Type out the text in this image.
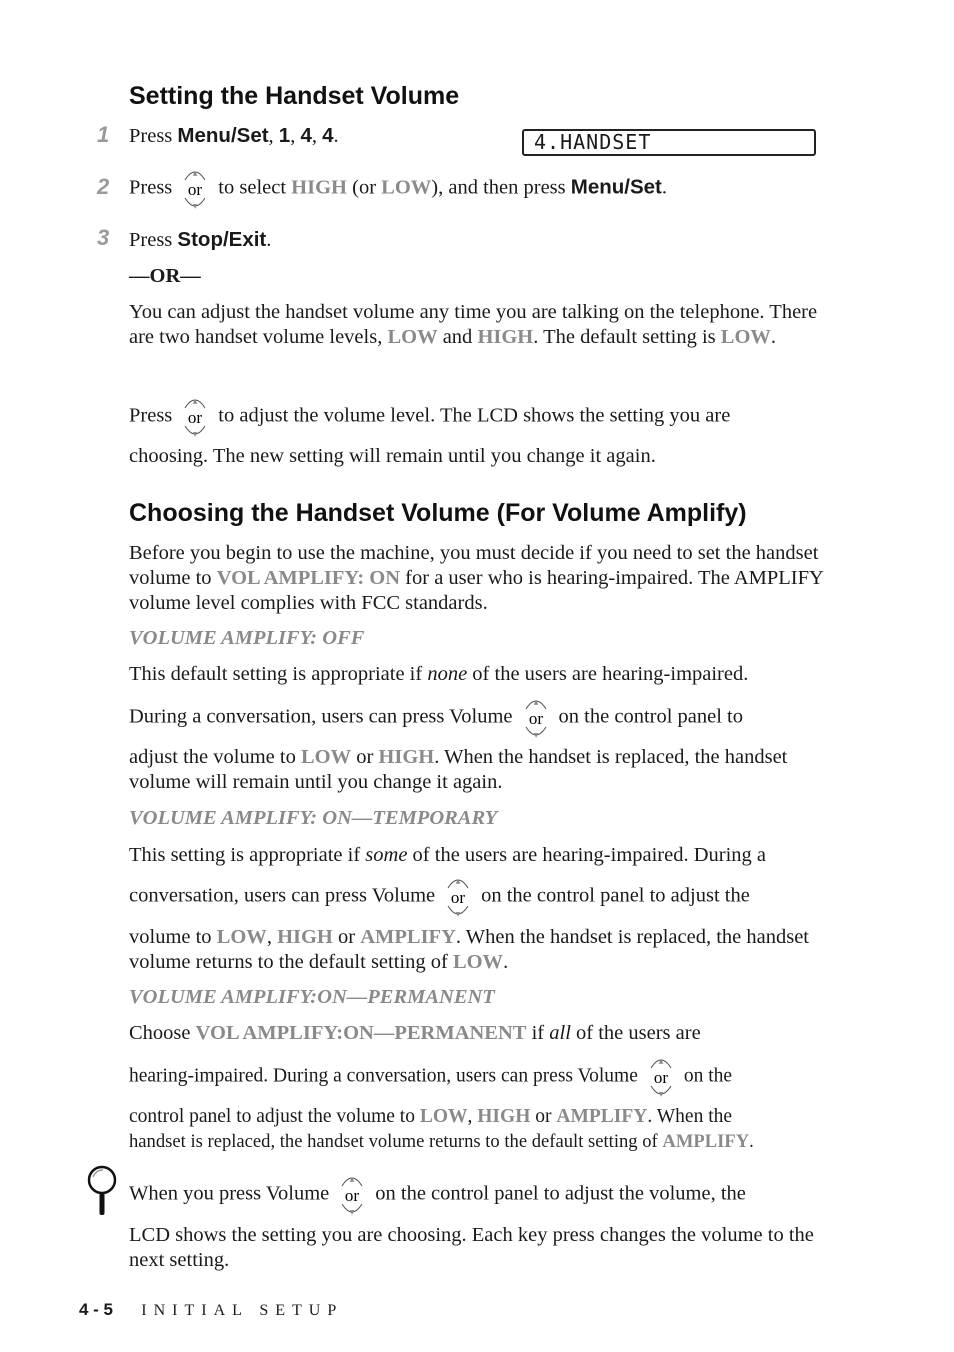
Setting the Handset Volume
1 Press Menu/Set, 1, 4, 4.	4.HANDSET
2 Press or to select HIGH (or LOW), and then press Menu/Set.
3 Press Stop/Exit.
—OR—
You can adjust the handset volume any time you are talking on the telephone. There are two handset volume levels, LOW and HIGH. The default setting is LOW.
Press or to adjust the volume level. The LCD shows the setting you are
choosing. The new setting will remain until you change it again.
Choosing the Handset Volume (For Volume Amplify)
Before you begin to use the machine, you must decide if you need to set the handset volume to VOL AMPLIFY: ON for a user who is hearing-impaired. The AMPLIFY volume level complies with FCC standards.
VOLUME AMPLIFY: OFF
This default setting is appropriate if none of the users are hearing-impaired.
During a conversation, users can press Volume or on the control panel to
adjust the volume to LOW or HIGH. When the handset is replaced, the handset volume will remain until you change it again.
VOLUME AMPLIFY: ON—TEMPORARY
This setting is appropriate if some of the users are hearing-impaired. During a
conversation, users can press Volume or on the control panel to adjust the
volume to LOW, HIGH or AMPLIFY. When the handset is replaced, the handset volume returns to the default setting of LOW.
VOLUME AMPLIFY:ON—PERMANENT
Choose VOL AMPLIFY:ON—PERMANENT if all of the users are
hearing-impaired. During a conversation, users can press Volume or on the
control panel to adjust the volume to LOW, HIGH or AMPLIFY. When the
handset is replaced, the handset volume returns to the default setting of AMPLIFY.
When you press Volume or on the control panel to adjust the volume, the
LCD shows the setting you are choosing. Each key press changes the volume to the next setting.
4 - 5 INITIAL SETUP
